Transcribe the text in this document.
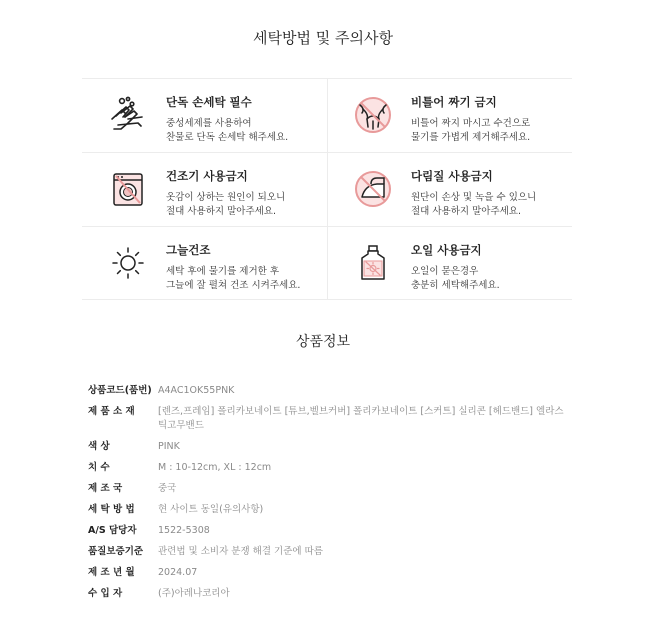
세탁방법 및 주의사항
단독 손세탁 필수
중성세제를 사용하여
찬물로 단독 손세탁 해주세요.
비틀어 짜기 금지
비틀어 짜지 마시고 수건으로
물기를 가볍게 제거해주세요.
건조기 사용금지
옷감이 상하는 원인이 되오니
절대 사용하지 말아주세요.
다림질 사용금지
원단이 손상 및 녹을 수 있으니
절대 사용하지 말아주세요.
그늘건조
세탁 후에 물기를 제거한 후
그늘에 잘 펼쳐 건조 시켜주세요.
오일 사용금지
오일이 묻은경우
충분히 세탁해주세요.
상품정보
상품코드(품번) A4AC1OK55PNK
제 품 소 재	[렌즈,프레임] 폴리카보네이트 [튜브,벨브커버] 폴리카보네이트 [스커트] 실리콘 [헤드밴드] 엘라스틱고무밴드
색 상	PINK
치 수	M : 10-12cm, XL : 12cm
제 조 국	중국
세 탁 방 법	현 사이트 동일(유의사항)
A/S 담당자	1522-5308
품질보증기준	관련법 및 소비자 분쟁 해결 기준에 따름
제 조 년 월	2024.07
수 입 자	(주)아레나코리아
